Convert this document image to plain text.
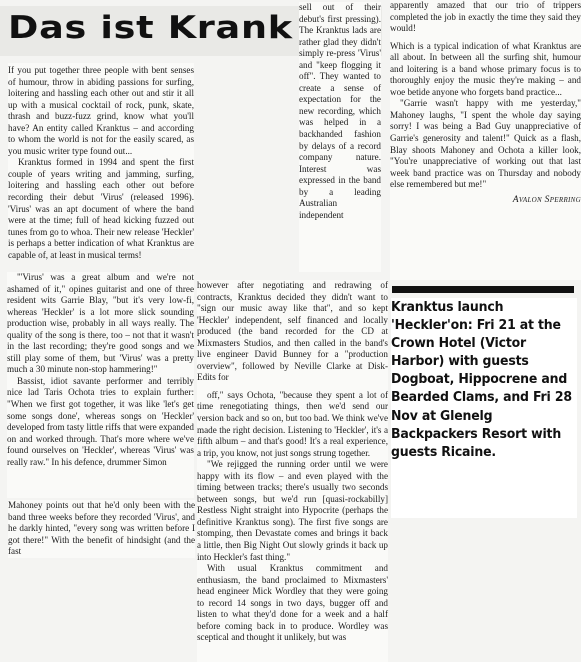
Das ist Krank

If you put together three people with bent senses of humour, throw in abiding passions for surfing, loitering and hassling each other out and stir it all up with a musical cocktail of rock, punk, skate, thrash and buzz-fuzz grind, know what you'll have? An entity called Kranktus – and according to whom the world is not for the easily scared, as you music writer type found out...

Kranktus formed in 1994 and spent the first couple of years writing and jamming, surfing, loitering and hassling each other out before recording their debut 'Virus' (released 1996). 'Virus' was an apt document of where the band were at the time; full of head kicking fuzzed out tunes from go to whoa. Their new release 'Heckler' is perhaps a better indication of what Kranktus are capable of, at least in musical terms!

sell out of their debut's first pressing). The Kranktus lads are rather glad they didn't simply re-press 'Virus' and "keep flogging it off". They wanted to create a sense of expectation for the new recording, which was helped in a backhanded fashion by delays of a record company nature. Interest was expressed in the band by a leading Australian independent

apparently amazed that our trio of trippers completed the job in exactly the time they said they would!

Which is a typical indication of what Kranktus are all about. In between all the surfing shit, humour and loitering is a band whose primary focus is to thoroughly enjoy the music they're making – and woe betide anyone who forgets band practice...

"Garrie wasn't happy with me yesterday," Mahoney laughs, "I spent the whole day saying sorry! I was being a Bad Guy unappreciative of Garrie's generosity and talent!" Quick as a flash, Blay shoots Mahoney and Ochota a killer look, "You're unappreciative of working out that last week band practice was on Thursday and nobody else remembered but me!"

Avalon Sperring

"'Virus' was a great album and we're not ashamed of it," opines guitarist and one of three resident wits Garrie Blay, "but it's very low-fi, whereas 'Heckler' is a lot more slick sounding production wise, probably in all ways really. The quality of the song is there, too – not that it wasn't in the last recording; they're good songs and we still play some of them, but 'Virus' was a pretty much a 30 minute non-stop hammering!"

Bassist, idiot savante performer and terribly nice lad Taris Ochota tries to explain further: "When we first got together, it was like 'let's get some songs done', whereas songs on 'Heckler' developed from tasty little riffs that were expanded on and worked through. That's more where we've found ourselves on 'Heckler', whereas 'Virus' was really raw." In his defence, drummer Simon

Mahoney points out that he'd only been with the band three weeks before they recorded 'Virus', and he darkly hinted, "every song was written before I got there!" With the benefit of hindsight (and the fast

however after negotiating and redrawing of contracts, Kranktus decided they didn't want to "sign our music away like that", and so kept 'Heckler' independent, self financed and locally produced (the band recorded for the CD at Mixmasters Studios, and then called in the band's live engineer David Bunney for a "production overview", followed by Neville Clarke at Disk-Edits for

off," says Ochota, "because they spent a lot of time renegotiating things, then we'd send our version back and so on, but too bad. We think we've made the right decision. Listening to 'Heckler', it's a fifth album – and that's good! It's a real experience, a trip, you know, not just songs strung together.

"We rejigged the running order until we were happy with its flow – and even played with the timing between tracks; there's usually two seconds between songs, but we'd run [quasi-rockabilly] Restless Night straight into Hypocrite (perhaps the definitive Kranktus song). The first five songs are stomping, then Devastate comes and brings it back a little, then Big Night Out slowly grinds it back up into Heckler's fast thing."

With usual Kranktus commitment and enthusiasm, the band proclaimed to Mixmasters' head engineer Mick Wordley that they were going to record 14 songs in two days, bugger off and listen to what they'd done for a week and a half before coming back in to produce. Wordley was sceptical and thought it unlikely, but was

Kranktus launch 'Heckler'on: Fri 21 at the Crown Hotel (Victor Harbor) with guests Dogboat, Hippocrene and Bearded Clams, and Fri 28 Nov at Glenelg Backpackers Resort with guests Ricaine.
